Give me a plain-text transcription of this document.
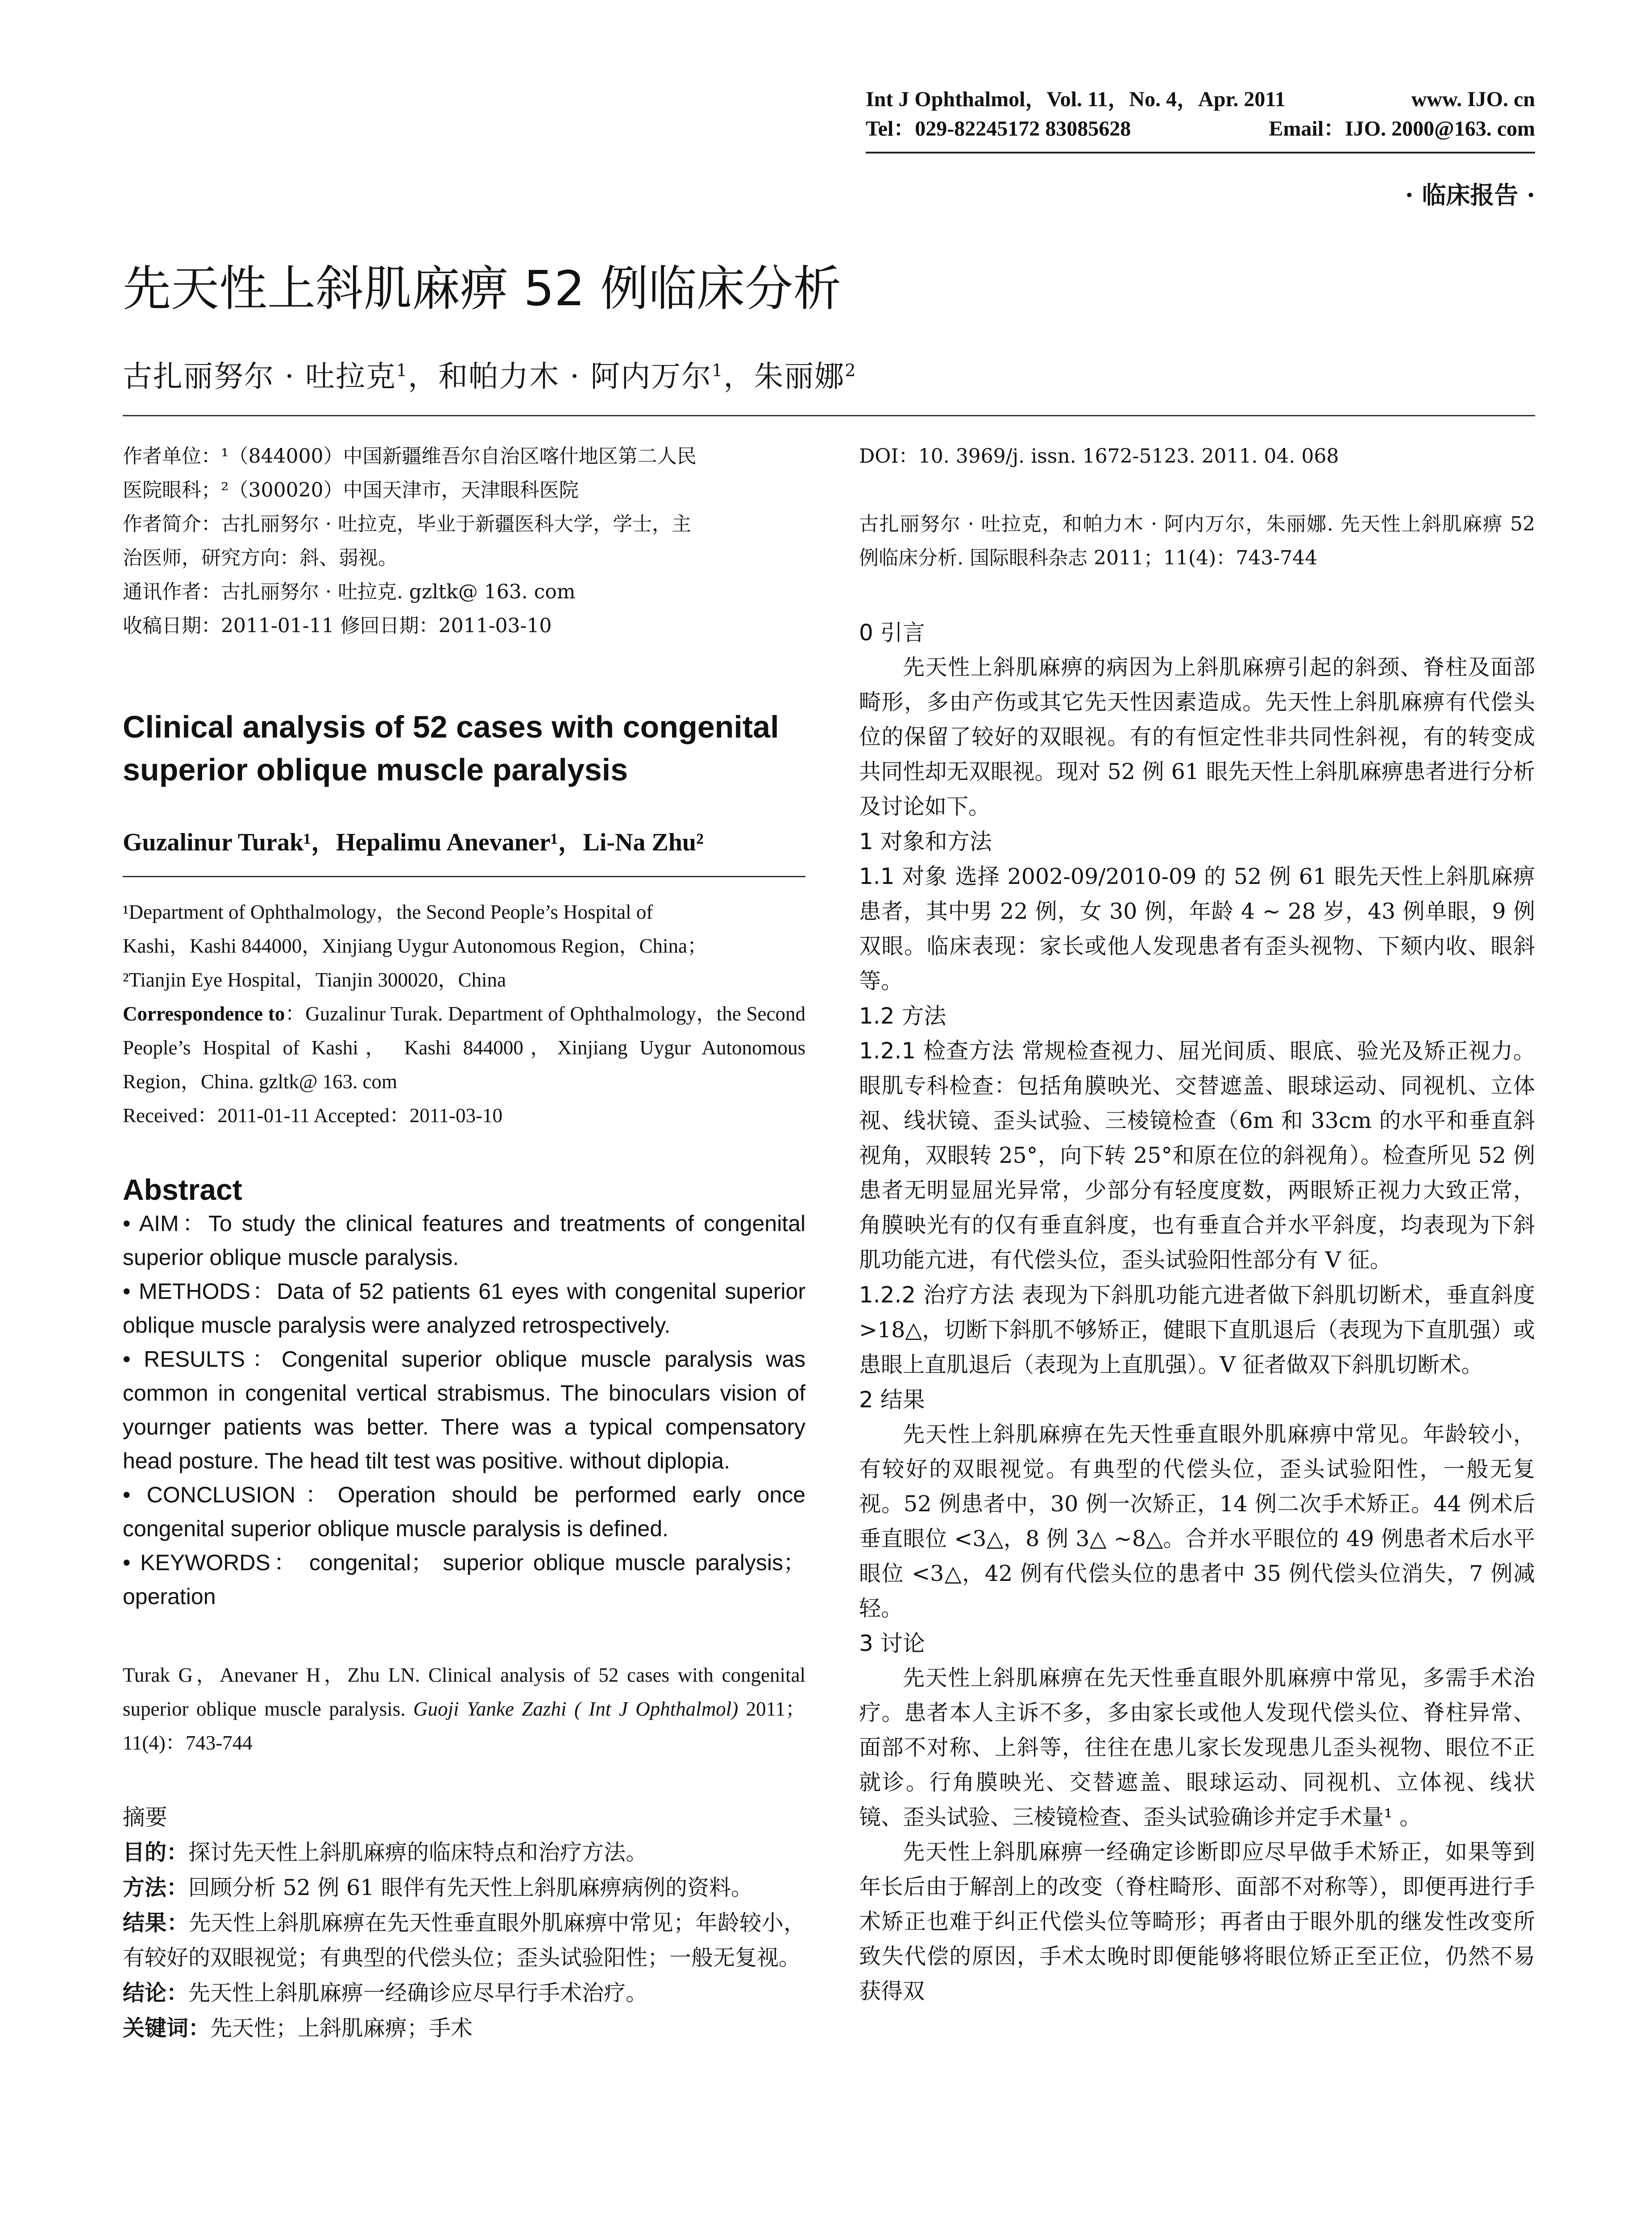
Int J Ophthalmol，Vol. 11，No. 4，Apr. 2011	www. IJO. cn
Tel：029-82245172 83085628	Email：IJO. 2000@163. com
· 临床报告 ·
先天性上斜肌麻痹 52 例临床分析
古扎丽努尔 · 吐拉克$^1$，和帕力木 · 阿内万尔$^1$，朱丽娜$^2$

作者单位：¹（844000）中国新疆维吾尔自治区喀什地区第二人民

医院眼科；²（300020）中国天津市，天津眼科医院

作者简介：古扎丽努尔 · 吐拉克，毕业于新疆医科大学，学士，主

治医师，研究方向：斜、弱视。

通讯作者：古扎丽努尔 · 吐拉克. gzltk@ 163. com

收稿日期：2011-01-11 修回日期：2011-03-10

Clinical analysis of 52 cases with congenital superior oblique muscle paralysis

Guzalinur Turak¹，Hepalimu Anevaner¹，Li-Na Zhu²

¹Department of Ophthalmology，the Second People’s Hospital of

Kashi，Kashi 844000，Xinjiang Uygur Autonomous Region，China；

²Tianjin Eye Hospital，Tianjin 300020，China

Correspondence to：Guzalinur Turak. Department of Ophthalmology，the Second People’s Hospital of Kashi， Kashi 844000，Xinjiang Uygur Autonomous Region，China. gzltk@ 163. com

Received：2011-01-11 Accepted：2011-03-10

Abstract

• AIM：To study the clinical features and treatments of congenital superior oblique muscle paralysis.

• METHODS：Data of 52 patients 61 eyes with congenital superior oblique muscle paralysis were analyzed retrospectively.

• RESULTS：Congenital superior oblique muscle paralysis was common in congenital vertical strabismus. The binoculars vision of yournger patients was better. There was a typical compensatory head posture. The head tilt test was positive. without diplopia.

• CONCLUSION：Operation should be performed early once congenital superior oblique muscle paralysis is defined.

• KEYWORDS： congenital； superior oblique muscle paralysis；operation

Turak G，Anevaner H，Zhu LN. Clinical analysis of 52 cases with congenital superior oblique muscle paralysis. Guoji Yanke Zazhi ( Int J Ophthalmol) 2011；11(4)：743-744

摘要

目的：探讨先天性上斜肌麻痹的临床特点和治疗方法。

方法：回顾分析 52 例 61 眼伴有先天性上斜肌麻痹病例的资料。

结果：先天性上斜肌麻痹在先天性垂直眼外肌麻痹中常见；年龄较小，有较好的双眼视觉；有典型的代偿头位；歪头试验阳性；一般无复视。

结论：先天性上斜肌麻痹一经确诊应尽早行手术治疗。

关键词：先天性；上斜肌麻痹；手术

DOI：10. 3969/j. issn. 1672-5123. 2011. 04. 068

古扎丽努尔 · 吐拉克，和帕力木 · 阿内万尔，朱丽娜. 先天性上斜肌麻痹 52 例临床分析. 国际眼科杂志 2011；11(4)：743-744

0 引言

先天性上斜肌麻痹的病因为上斜肌麻痹引起的斜颈、脊柱及面部畸形，多由产伤或其它先天性因素造成。先天性上斜肌麻痹有代偿头位的保留了较好的双眼视。有的有恒定性非共同性斜视，有的转变成共同性却无双眼视。现对 52 例 61 眼先天性上斜肌麻痹患者进行分析及讨论如下。

1 对象和方法

1.1 对象 选择 2002-09/2010-09 的 52 例 61 眼先天性上斜肌麻痹患者，其中男 22 例，女 30 例，年龄 4 ~ 28 岁，43 例单眼，9 例双眼。临床表现：家长或他人发现患者有歪头视物、下颏内收、眼斜等。

1.2 方法

1.2.1 检查方法 常规检查视力、屈光间质、眼底、验光及矫正视力。眼肌专科检查：包括角膜映光、交替遮盖、眼球运动、同视机、立体视、线状镜、歪头试验、三棱镜检查（6m 和 33cm 的水平和垂直斜视角，双眼转 25°，向下转 25°和原在位的斜视角）。检查所见 52 例患者无明显屈光异常，少部分有轻度度数，两眼矫正视力大致正常，角膜映光有的仅有垂直斜度，也有垂直合并水平斜度，均表现为下斜肌功能亢进，有代偿头位，歪头试验阳性部分有 V 征。

1.2.2 治疗方法 表现为下斜肌功能亢进者做下斜肌切断术，垂直斜度 >18△，切断下斜肌不够矫正，健眼下直肌退后（表现为下直肌强）或患眼上直肌退后（表现为上直肌强）。V 征者做双下斜肌切断术。

2 结果

先天性上斜肌麻痹在先天性垂直眼外肌麻痹中常见。年龄较小，有较好的双眼视觉。有典型的代偿头位，歪头试验阳性，一般无复视。52 例患者中，30 例一次矫正，14 例二次手术矫正。44 例术后垂直眼位 <3△，8 例 3△ ~8△。合并水平眼位的 49 例患者术后水平眼位 <3△，42 例有代偿头位的患者中 35 例代偿头位消失，7 例减轻。

3 讨论

先天性上斜肌麻痹在先天性垂直眼外肌麻痹中常见，多需手术治疗。患者本人主诉不多，多由家长或他人发现代偿头位、脊柱异常、面部不对称、上斜等，往往在患儿家长发现患儿歪头视物、眼位不正就诊。行角膜映光、交替遮盖、眼球运动、同视机、立体视、线状镜、歪头试验、三棱镜检查、歪头试验确诊并定手术量¹ 。

先天性上斜肌麻痹一经确定诊断即应尽早做手术矫正，如果等到年长后由于解剖上的改变（脊柱畸形、面部不对称等），即便再进行手术矫正也难于纠正代偿头位等畸形；再者由于眼外肌的继发性改变所致失代偿的原因，手术太晚时即便能够将眼位矫正至正位，仍然不易获得双
